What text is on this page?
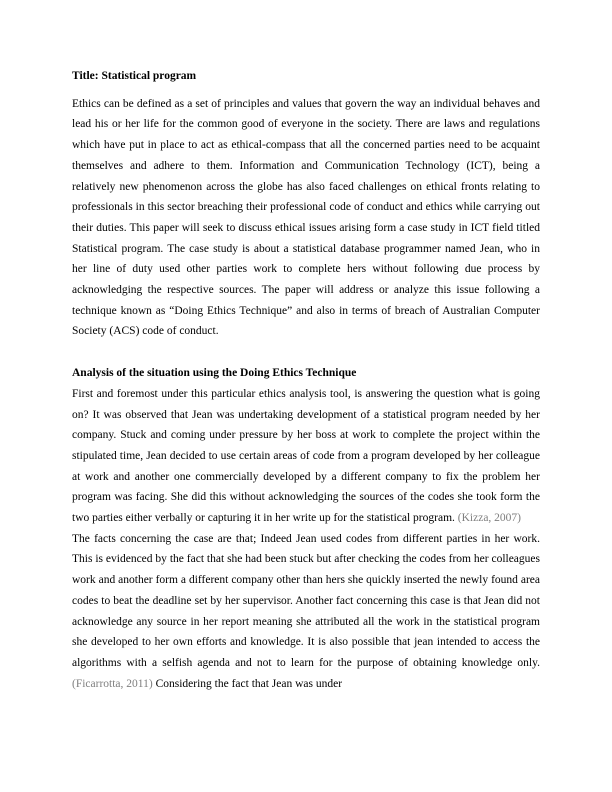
Title: Statistical program

Ethics can be defined as a set of principles and values that govern the way an individual behaves and lead his or her life for the common good of everyone in the society. There are laws and regulations which have put in place to act as ethical-compass that all the concerned parties need to be acquaint themselves and adhere to them. Information and Communication Technology (ICT), being a relatively new phenomenon across the globe has also faced challenges on ethical fronts relating to professionals in this sector breaching their professional code of conduct and ethics while carrying out their duties. This paper will seek to discuss ethical issues arising form a case study in ICT field titled Statistical program. The case study is about a statistical database programmer named Jean, who in her line of duty used other parties work to complete hers without following due process by acknowledging the respective sources. The paper will address or analyze this issue following a technique known as “Doing Ethics Technique” and also in terms of breach of Australian Computer Society (ACS) code of conduct.

Analysis of the situation using the Doing Ethics Technique

First and foremost under this particular ethics analysis tool, is answering the question what is going on? It was observed that Jean was undertaking development of a statistical program needed by her company. Stuck and coming under pressure by her boss at work to complete the project within the stipulated time, Jean decided to use certain areas of code from a program developed by her colleague at work and another one commercially developed by a different company to fix the problem her program was facing. She did this without acknowledging the sources of the codes she took form the two parties either verbally or capturing it in her write up for the statistical program. (Kizza, 2007)

The facts concerning the case are that; Indeed Jean used codes from different parties in her work. This is evidenced by the fact that she had been stuck but after checking the codes from her colleagues work and another form a different company other than hers she quickly inserted the newly found area codes to beat the deadline set by her supervisor. Another fact concerning this case is that Jean did not acknowledge any source in her report meaning she attributed all the work in the statistical program she developed to her own efforts and knowledge. It is also possible that jean intended to access the algorithms with a selfish agenda and not to learn for the purpose of obtaining knowledge only. (Ficarrotta, 2011) Considering the fact that Jean was under
